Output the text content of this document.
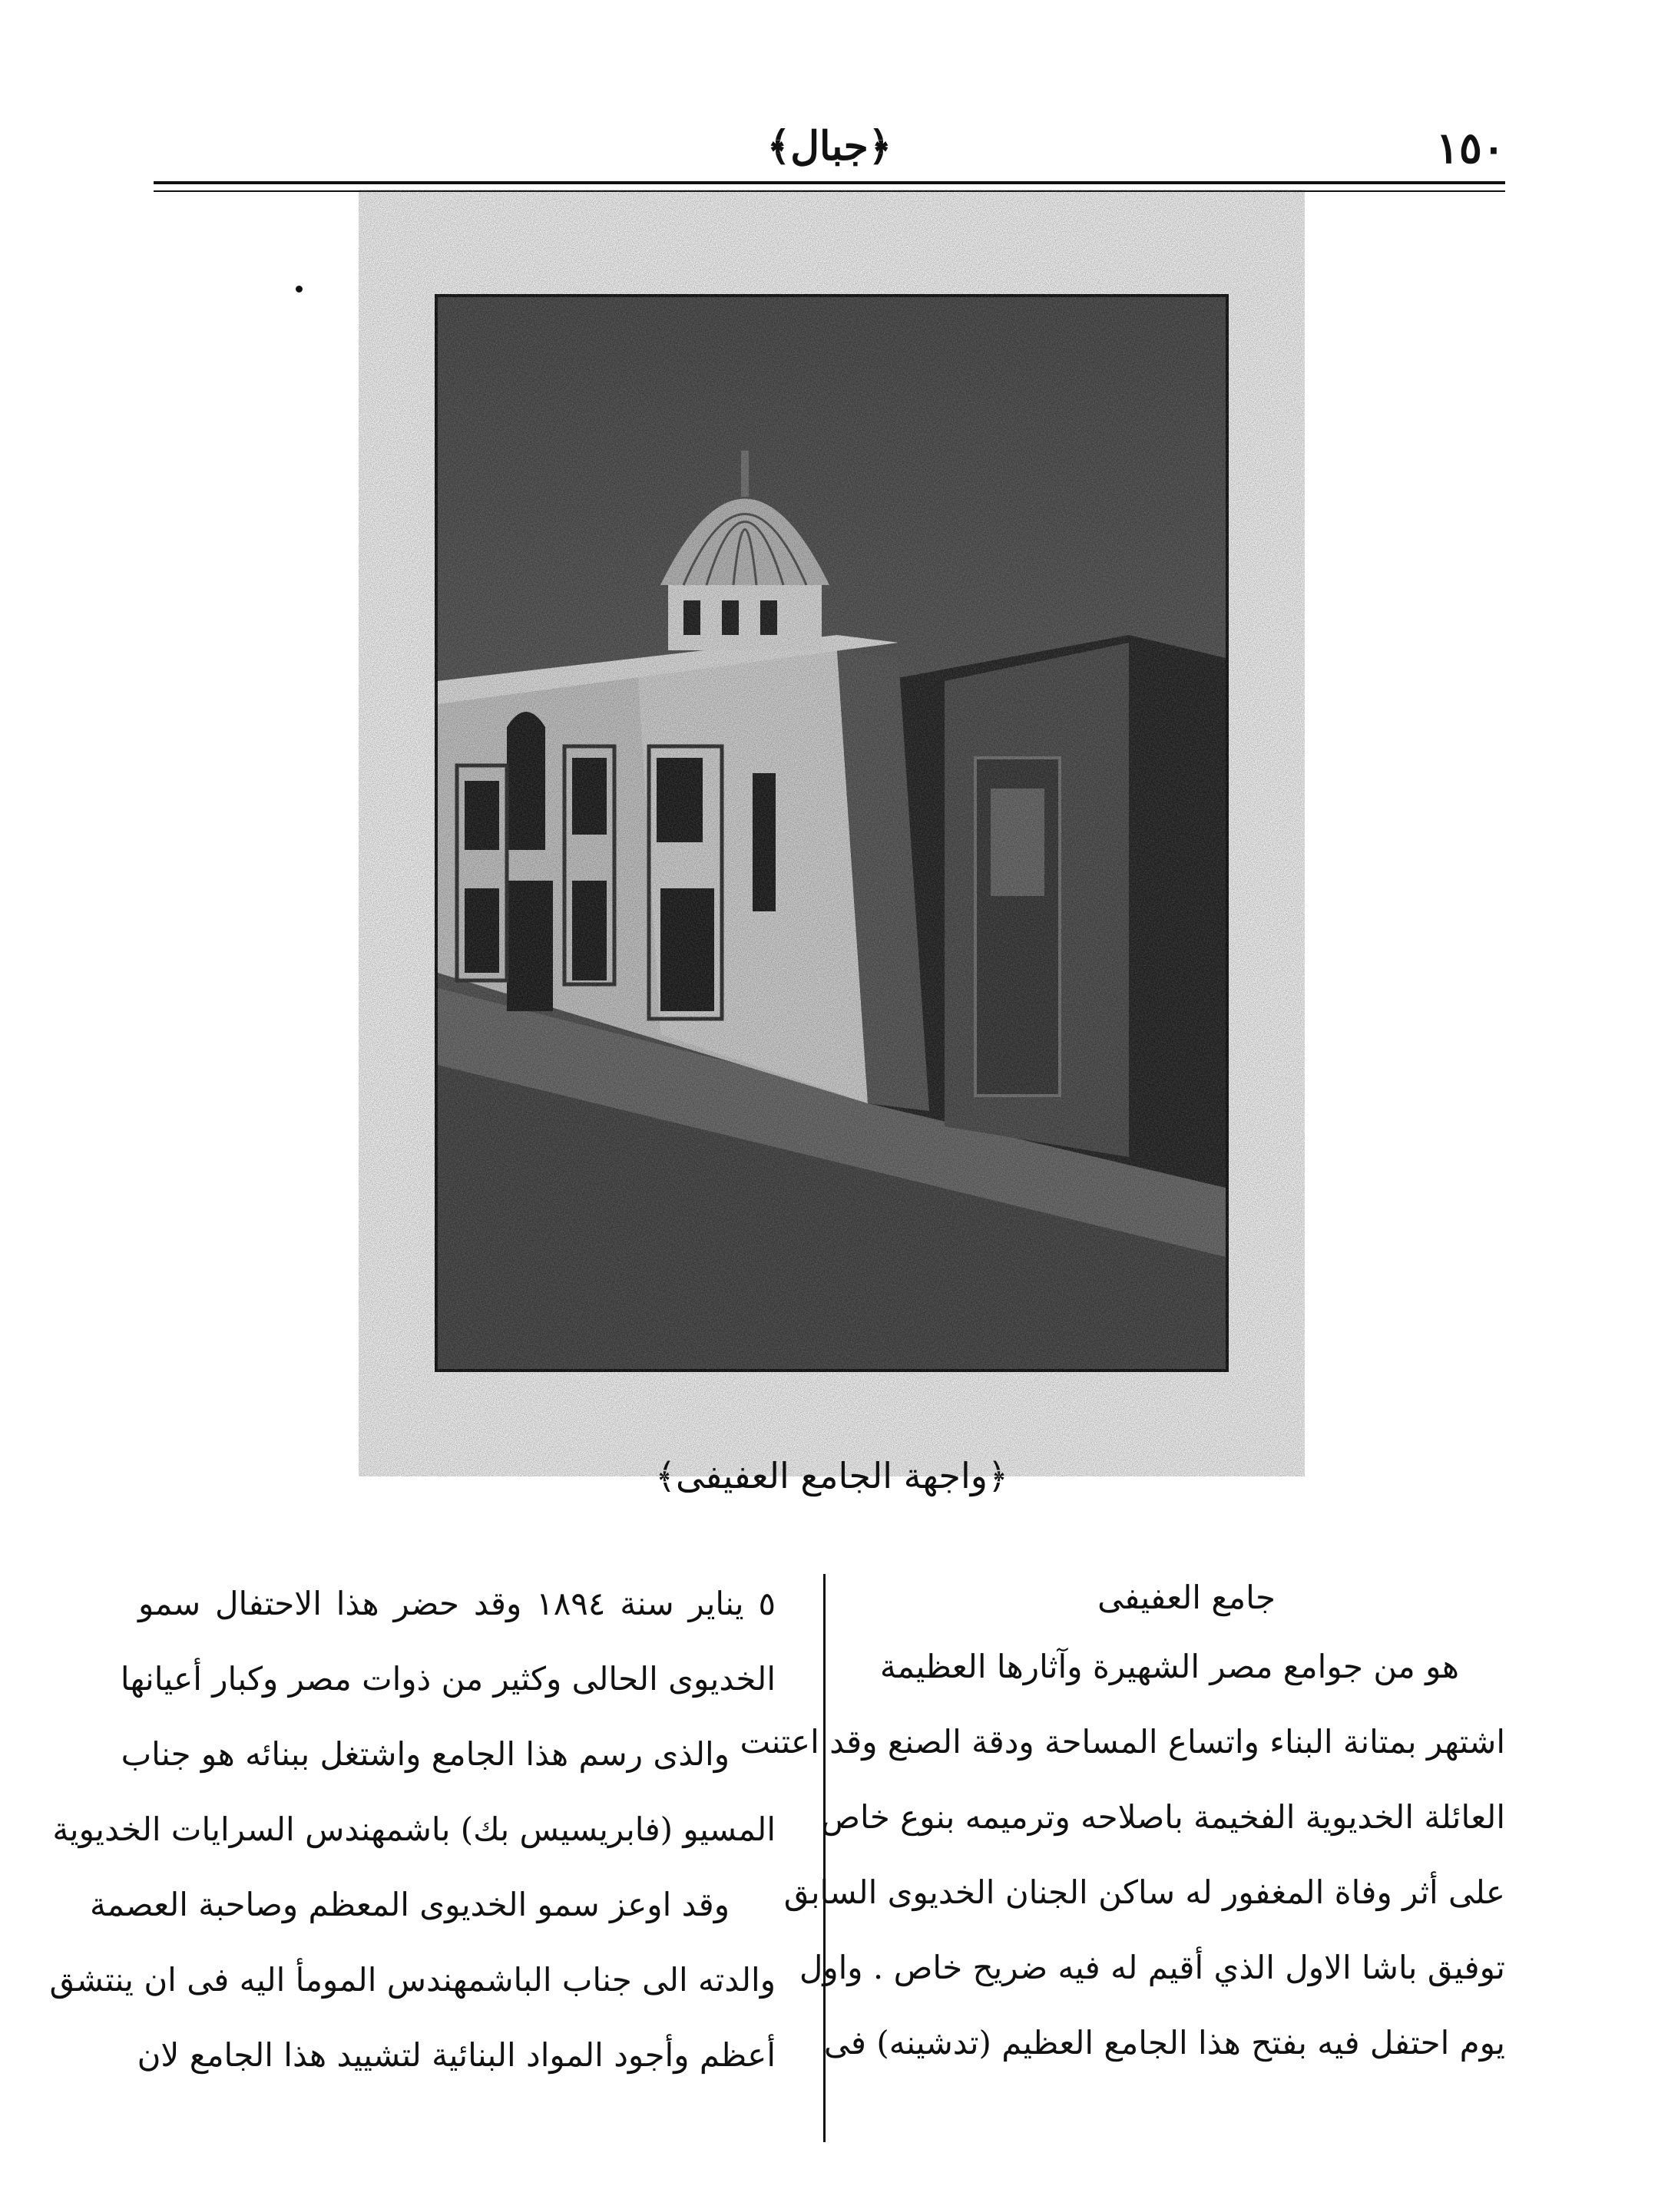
١٥٠
﴿جبال﴾
﴿واجهة الجامع العفيفى﴾
جامع العفيفى
هو من جوامع مصر الشهيرة وآثارها العظيمة
اشتهر بمتانة البناء واتساع المساحة ودقة الصنع وقد اعتنت
العائلة الخديوية الفخيمة باصلاحه وترميمه بنوع خاص
على أثر وفاة المغفور له ساكن الجنان الخديوى السابق
توفيق باشا الاول الذي أقيم له فيه ضريح خاص . واول
يوم احتفل فيه بفتح هذا الجامع العظيم (تدشينه) فى
٥ يناير سنة ١٨٩٤ وقد حضر هذا الاحتفال سمو
الخديوى الحالى وكثير من ذوات مصر وكبار أعيانها
والذى رسم هذا الجامع واشتغل ببنائه هو جناب
المسيو (فابريسيس بك) باشمهندس السرايات الخديوية
وقد اوعز سمو الخديوى المعظم وصاحبة العصمة
والدته الى جناب الباشمهندس المومأ اليه فى ان ينتشق
أعظم وأجود المواد البنائية لتشييد هذا الجامع لان
